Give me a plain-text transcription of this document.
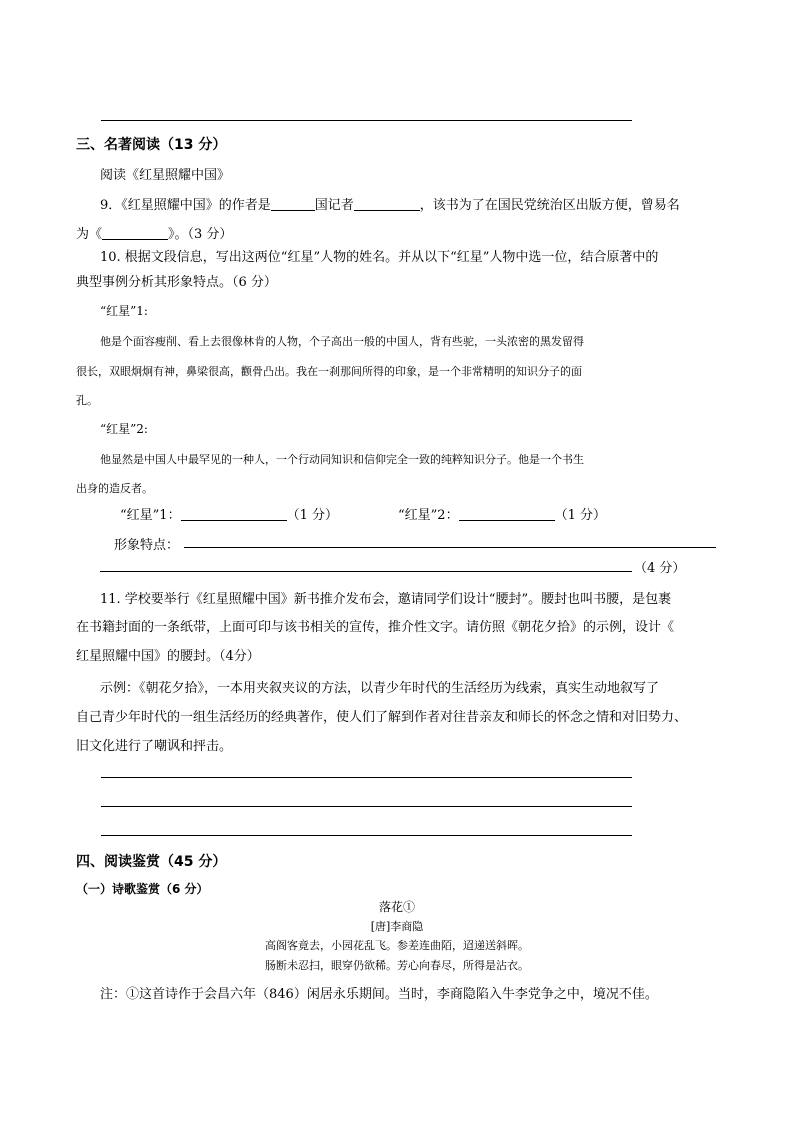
三、名著阅读（13 分）
阅读《红星照耀中国》
9．《红星照耀中国》的作者是	国记者	，该书为了在国民党统治区出版方便，曾易名
为《	》。（3 分）
10. 根据文段信息，写出这两位“红星”人物的姓名。并从以下“红星”人物中选一位，结合原著中的
典型事例分析其形象特点。（6 分）
“红星”1:
他是个面容瘦削、看上去很像林肯的人物，个子高出一般的中国人，背有些驼，一头浓密的黑发留得
很长，双眼炯炯有神，鼻梁很高，颧骨凸出。我在一刹那间所得的印象，是一个非常精明的知识分子的面
孔。
“红星”2:
他显然是中国人中最罕见的一种人，一个行动同知识和信仰完全一致的纯粹知识分子。他是一个书生
出身的造反者。
“红星”1：	（1 分）	“红星”2：	（1 分）
形象特点：
（4 分）
11. 学校要举行《红星照耀中国》新书推介发布会，邀请同学们设计“腰封”。腰封也叫书腰，是包裹
在书籍封面的一条纸带，上面可印与该书相关的宣传，推介性文字。请仿照《朝花夕拾》的示例，设计《
红星照耀中国》的腰封。（4分）
示例：《朝花夕拾》，一本用夹叙夹议的方法，以青少年时代的生活经历为线索，真实生动地叙写了
自己青少年时代的一组生活经历的经典著作，使人们了解到作者对往昔亲友和师长的怀念之情和对旧势力、
旧文化进行了嘲讽和抨击。
四、阅读鉴赏（45 分）
（一）诗歌鉴赏（6 分）
落花①
[唐]李商隐
高阁客竟去，小园花乱飞。参差连曲陌，迢递送斜晖。
肠断未忍扫，眼穿仍欲稀。芳心向春尽，所得是沾衣。
注：①这首诗作于会昌六年（846）闲居永乐期间。当时，李商隐陷入牛李党争之中，境况不佳。
